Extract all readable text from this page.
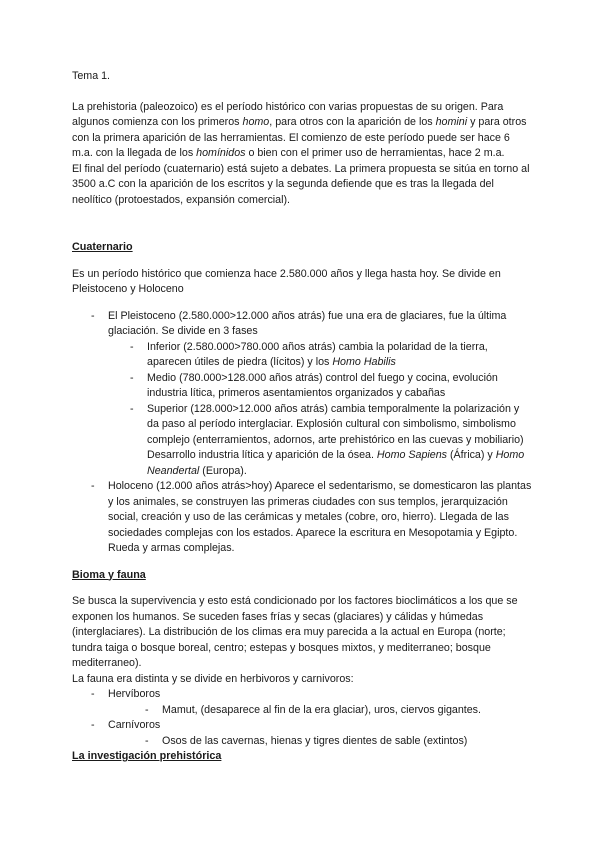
Tema 1.

La prehistoria (paleozoico) es el período histórico con varias propuestas de su origen. Para algunos comienza con los primeros homo, para otros con la aparición de los homini y para otros con la primera aparición de las herramientas. El comienzo de este período puede ser hace 6 m.a. con la llegada de los homínidos o bien con el primer uso de herramientas, hace 2 m.a.

El final del período (cuaternario) está sujeto a debates. La primera propuesta se sitúa en torno al 3500 a.C con la aparición de los escritos y la segunda defiende que es tras la llegada del neolítico (protoestados, expansión comercial).

Cuaternario

Es un período histórico que comienza hace 2.580.000 años y llega hasta hoy. Se divide en Pleistoceno y Holoceno

- El Pleistoceno (2.580.000>12.000 años atrás) fue una era de glaciares, fue la última glaciación. Se divide en 3 fases
- Inferior (2.580.000>780.000 años atrás) cambia la polaridad de la tierra, aparecen útiles de piedra (lícitos) y los Homo Habilis
- Medio (780.000>128.000 años atrás) control del fuego y cocina, evolución industria lítica, primeros asentamientos organizados y cabañas
- Superior (128.000>12.000 años atrás) cambia temporalmente la polarización y da paso al período interglaciar. Explosión cultural con simbolismo, simbolismo complejo (enterramientos, adornos, arte prehistórico en las cuevas y mobiliario) Desarrollo industria lítica y aparición de la ósea. Homo Sapiens (África) y Homo Neandertal (Europa).
- Holoceno (12.000 años atrás>hoy) Aparece el sedentarismo, se domesticaron las plantas y los animales, se construyen las primeras ciudades con sus templos, jerarquización social, creación y uso de las cerámicas y metales (cobre, oro, hierro). Llegada de las sociedades complejas con los estados. Aparece la escritura en Mesopotamia y Egipto. Rueda y armas complejas.
Bioma y fauna

Se busca la supervivencia y esto está condicionado por los factores bioclimáticos a los que se exponen los humanos. Se suceden fases frías y secas (glaciares) y cálidas y húmedas (interglaciares). La distribución de los climas era muy parecida a la actual en Europa (norte; tundra taiga o bosque boreal, centro; estepas y bosques mixtos, y mediterraneo; bosque mediterraneo).

La fauna era distinta y se divide en herbivoros y carnivoros:

- Hervíboros
- Mamut, (desaparece al fin de la era glaciar), uros, ciervos gigantes.
- Carnívoros
- Osos de las cavernas, hienas y tigres dientes de sable (extintos)
La investigación prehistórica
